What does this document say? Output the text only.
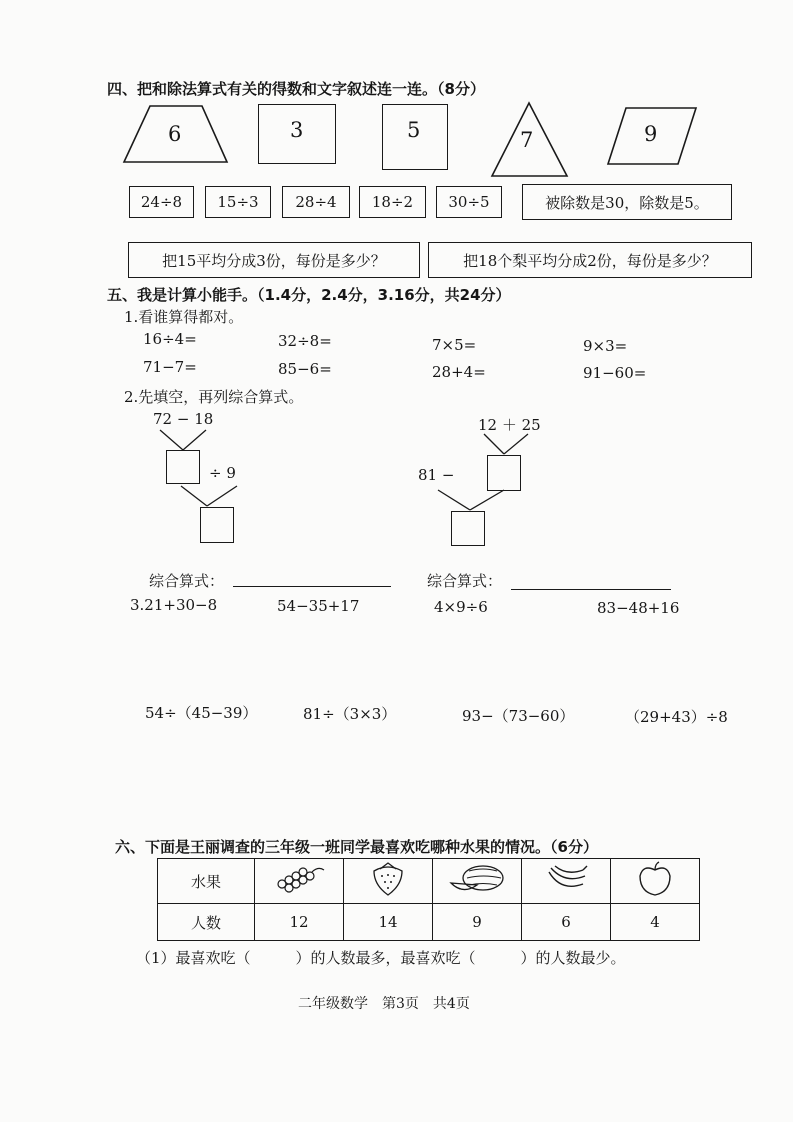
四、把和除法算式有关的得数和文字叙述连一连。（8分）
6	3	5	7	9
24÷8	15÷3	28÷4	18÷2	30÷5	被除数是30，除数是5。
把15平均分成3份，每份是多少？	把18个梨平均分成2份，每份是多少？
五、我是计算小能手。（1.4分，2.4分，3.16分，共24分）
1.看谁算得都对。
16÷4=	32÷8=	7×5=	9×3=
71−7=	85−6=	28+4=	91−60=
2.先填空，再列综合算式。
72 − 18
÷ 9
12 ＋ 25
81 −
综合算式：	综合算式：
3.21+30−8	54−35+17	4×9÷6	83−48+16
54÷（45−39）	81÷（3×3）	93−（73−60）	（29+43）÷8
六、下面是王丽调查的三年级一班同学最喜欢吃哪种水果的情况。（6分）
水果					
人数	12	14	9	6	4
（1）最喜欢吃（　　　）的人数最多，最喜欢吃（　　　）的人数最少。
二年级数学　第3页　共4页
